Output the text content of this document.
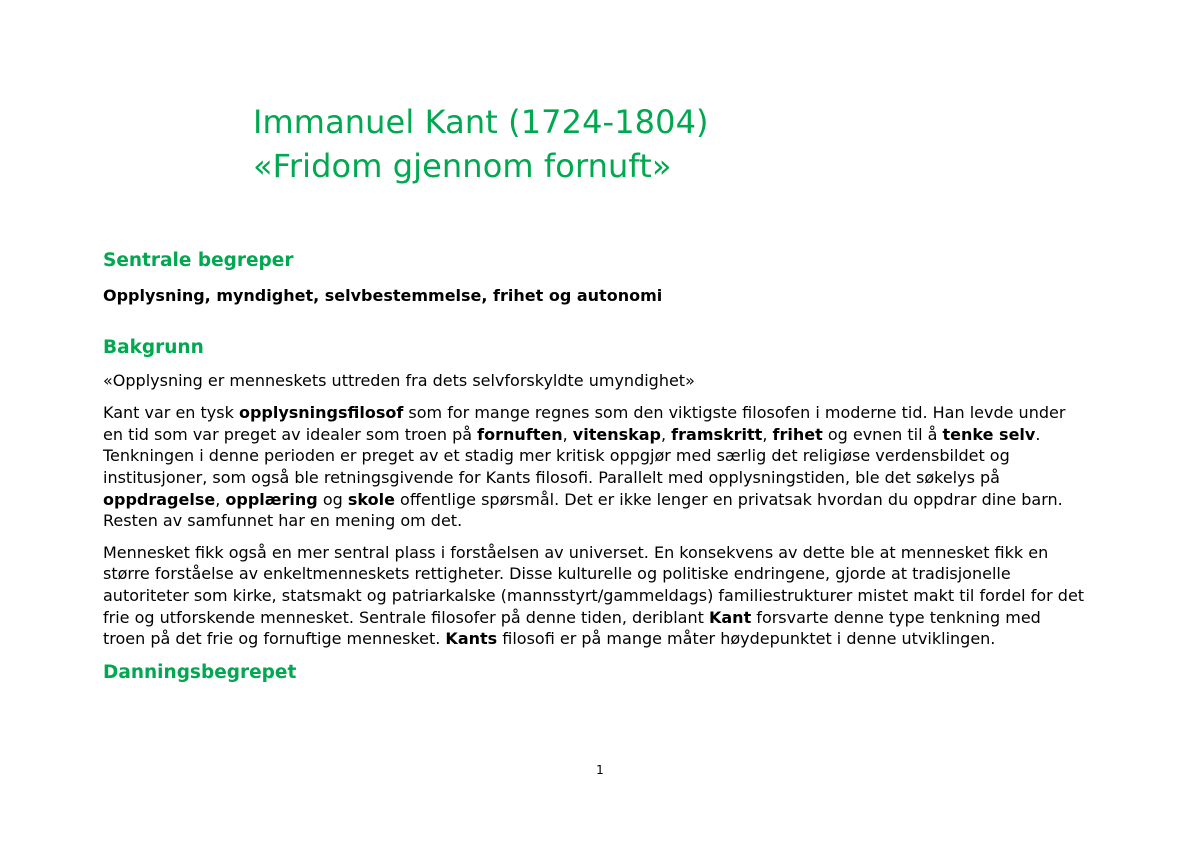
Immanuel Kant (1724-1804)
«Fridom gjennom fornuft»
Sentrale begreper

Opplysning, myndighet, selvbestemmelse, frihet og autonomi

Bakgrunn

«Opplysning er menneskets uttreden fra dets selvforskyldte umyndighet»

Kant var en tysk opplysningsfilosof som for mange regnes som den viktigste filosofen i moderne tid. Han levde under en tid som var preget av idealer som troen på fornuften, vitenskap, framskritt, frihet og evnen til å tenke selv. Tenkningen i denne perioden er preget av et stadig mer kritisk oppgjør med særlig det religiøse verdensbildet og institusjoner, som også ble retningsgivende for Kants filosofi. Parallelt med opplysningstiden, ble det søkelys på oppdragelse, opplæring og skole offentlige spørsmål. Det er ikke lenger en privatsak hvordan du oppdrar dine barn. Resten av samfunnet har en mening om det.

Mennesket fikk også en mer sentral plass i forståelsen av universet. En konsekvens av dette ble at mennesket fikk en større forståelse av enkeltmenneskets rettigheter. Disse kulturelle og politiske endringene, gjorde at tradisjonelle autoriteter som kirke, statsmakt og patriarkalske (mannsstyrt/gammeldags) familiestrukturer mistet makt til fordel for det frie og utforskende mennesket. Sentrale filosofer på denne tiden, deriblant Kant forsvarte denne type tenkning med troen på det frie og fornuftige mennesket. Kants filosofi er på mange måter høydepunktet i denne utviklingen.

Danningsbegrepet
1
